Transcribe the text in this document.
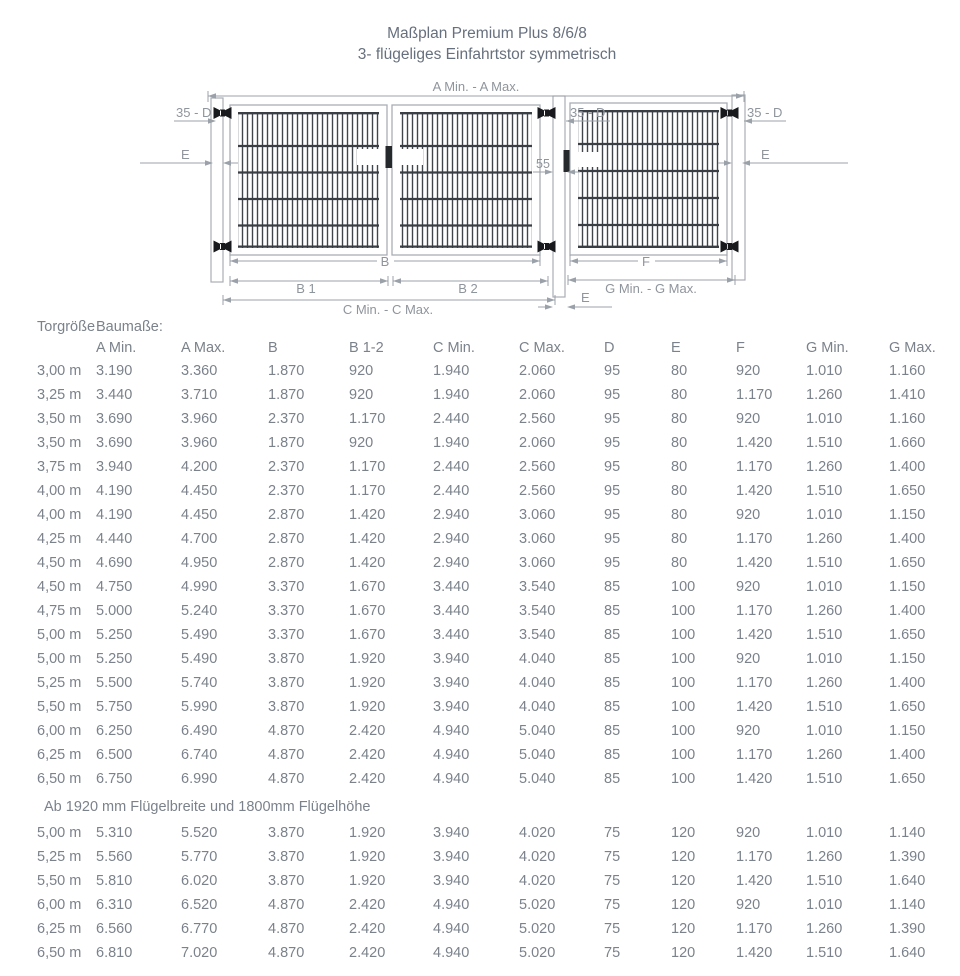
Maßplan Premium Plus 8/6/8
3- flügeliges Einfahrtstor symmetrisch
A Min. - A Max.
35 - D	35 - D	35 - D
E	E
55
B
B 1	B 2
F
G Min. - G Max.
C Min. - C Max.
E
Torgröße Baumaße:
A Min.	A Max.	B	B 1-2	C Min.	C Max.	D	E	F	G Min.	G Max.
3,00 m	3.190	3.360	1.870	920	1.940	2.060	95	80	920	1.010	1.160
3,25 m	3.440	3.710	1.870	920	1.940	2.060	95	80	1.170	1.260	1.410
3,50 m	3.690	3.960	2.370	1.170	2.440	2.560	95	80	920	1.010	1.160
3,50 m	3.690	3.960	1.870	920	1.940	2.060	95	80	1.420	1.510	1.660
3,75 m	3.940	4.200	2.370	1.170	2.440	2.560	95	80	1.170	1.260	1.400
4,00 m	4.190	4.450	2.370	1.170	2.440	2.560	95	80	1.420	1.510	1.650
4,00 m	4.190	4.450	2.870	1.420	2.940	3.060	95	80	920	1.010	1.150
4,25 m	4.440	4.700	2.870	1.420	2.940	3.060	95	80	1.170	1.260	1.400
4,50 m	4.690	4.950	2.870	1.420	2.940	3.060	95	80	1.420	1.510	1.650
4,50 m	4.750	4.990	3.370	1.670	3.440	3.540	85	100	920	1.010	1.150
4,75 m	5.000	5.240	3.370	1.670	3.440	3.540	85	100	1.170	1.260	1.400
5,00 m	5.250	5.490	3.370	1.670	3.440	3.540	85	100	1.420	1.510	1.650
5,00 m	5.250	5.490	3.870	1.920	3.940	4.040	85	100	920	1.010	1.150
5,25 m	5.500	5.740	3.870	1.920	3.940	4.040	85	100	1.170	1.260	1.400
5,50 m	5.750	5.990	3.870	1.920	3.940	4.040	85	100	1.420	1.510	1.650
6,00 m	6.250	6.490	4.870	2.420	4.940	5.040	85	100	920	1.010	1.150
6,25 m	6.500	6.740	4.870	2.420	4.940	5.040	85	100	1.170	1.260	1.400
6,50 m	6.750	6.990	4.870	2.420	4.940	5.040	85	100	1.420	1.510	1.650
Ab 1920 mm Flügelbreite und 1800mm Flügelhöhe
5,00 m	5.310	5.520	3.870	1.920	3.940	4.020	75	120	920	1.010	1.140
5,25 m	5.560	5.770	3.870	1.920	3.940	4.020	75	120	1.170	1.260	1.390
5,50 m	5.810	6.020	3.870	1.920	3.940	4.020	75	120	1.420	1.510	1.640
6,00 m	6.310	6.520	4.870	2.420	4.940	5.020	75	120	920	1.010	1.140
6,25 m	6.560	6.770	4.870	2.420	4.940	5.020	75	120	1.170	1.260	1.390
6,50 m	6.810	7.020	4.870	2.420	4.940	5.020	75	120	1.420	1.510	1.640
